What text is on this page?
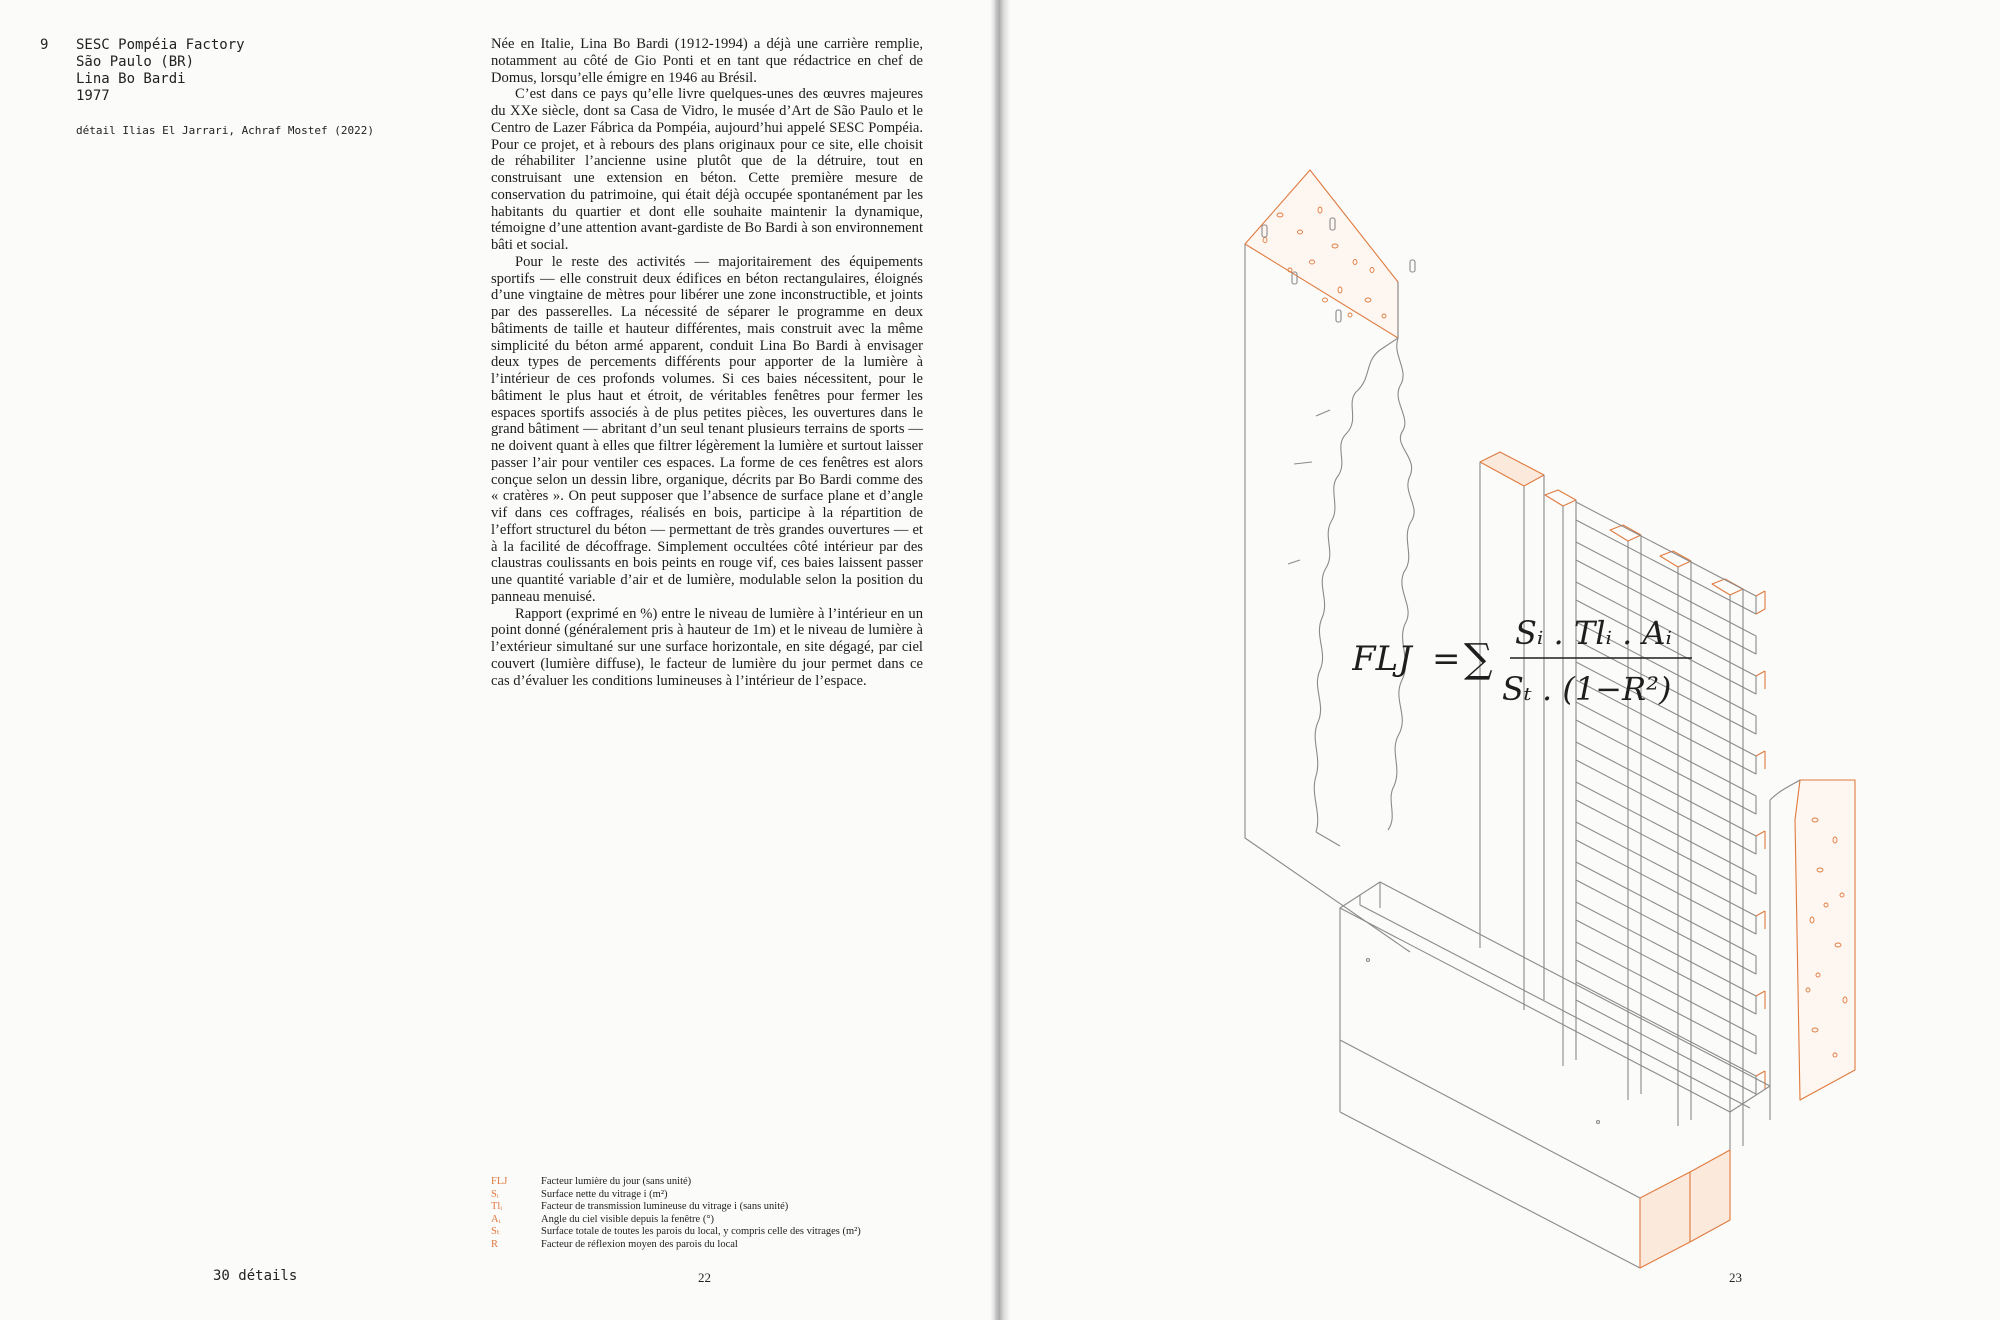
9 SESC Pompéia Factory
São Paulo (BR)
Lina Bo Bardi
1977
détail Ilias El Jarrari, Achraf Mostef (2022)

Née en Italie, Lina Bo Bardi (1912-1994) a déjà une carrière remplie, notamment au côté de Gio Ponti et en tant que rédactrice en chef de Domus, lorsqu’elle émigre en 1946 au Brésil.

C’est dans ce pays qu’elle livre quelques-unes des œuvres majeures du XXe siècle, dont sa Casa de Vidro, le musée d’Art de São Paulo et le Centro de Lazer Fábrica da Pompéia, aujourd’hui appelé SESC Pompéia. Pour ce projet, et à rebours des plans originaux pour ce site, elle choisit de réhabiliter l’ancienne usine plutôt que de la détruire, tout en construisant une extension en béton. Cette première mesure de conservation du patrimoine, qui était déjà occupée spontanément par les habitants du quartier et dont elle souhaite maintenir la dynamique, témoigne d’une attention avant-gardiste de Bo Bardi à son environnement bâti et social.

Pour le reste des activités — majoritairement des équipements sportifs — elle construit deux édifices en béton rectangulaires, éloignés d’une vingtaine de mètres pour libérer une zone inconstructible, et joints par des passerelles. La nécessité de séparer le programme en deux bâtiments de taille et hauteur différentes, mais construit avec la même simplicité du béton armé apparent, conduit Lina Bo Bardi à envisager deux types de percements différents pour apporter de la lumière à l’intérieur de ces profonds volumes. Si ces baies nécessitent, pour le bâtiment le plus haut et étroit, de véritables fenêtres pour fermer les espaces sportifs associés à de plus petites pièces, les ouvertures dans le grand bâtiment — abritant d’un seul tenant plusieurs terrains de sports — ne doivent quant à elles que filtrer légèrement la lumière et surtout laisser passer l’air pour ventiler ces espaces. La forme de ces fenêtres est alors conçue selon un dessin libre, organique, décrits par Bo Bardi comme des « cratères ». On peut supposer que l’absence de surface plane et d’angle vif dans ces coffrages, réalisés en bois, participe à la répartition de l’effort structurel du béton — permettant de très grandes ouvertures — et à la facilité de décoffrage. Simplement occultées côté intérieur par des claustras coulissants en bois peints en rouge vif, ces baies laissent passer une quantité variable d’air et de lumière, modulable selon la position du panneau menuisé.

Rapport (exprimé en %) entre le niveau de lumière à l’intérieur en un point donné (généralement pris à hauteur de 1m) et le niveau de lumière à l’extérieur simultané sur une surface horizontale, en site dégagé, par ciel couvert (lumière diffuse), le facteur de lumière du jour permet dans ce cas d’évaluer les conditions lumineuses à l’intérieur de l’espace.

FLJ	Facteur lumière du jour (sans unité)
Sᵢ	Surface nette du vitrage i (m²)
Tlᵢ	Facteur de transmission lumineuse du vitrage i (sans unité)
Aᵢ	Angle du ciel visible depuis la fenêtre (°)
Sₜ	Surface totale de toutes les parois du local, y compris celle des vitrages (m²)
R	Facteur de réflexion moyen des parois du local
30 détails	22
FLJ = ∑
Sᵢ . Tlᵢ . Aᵢ
Sₜ . (1−R²)
23
